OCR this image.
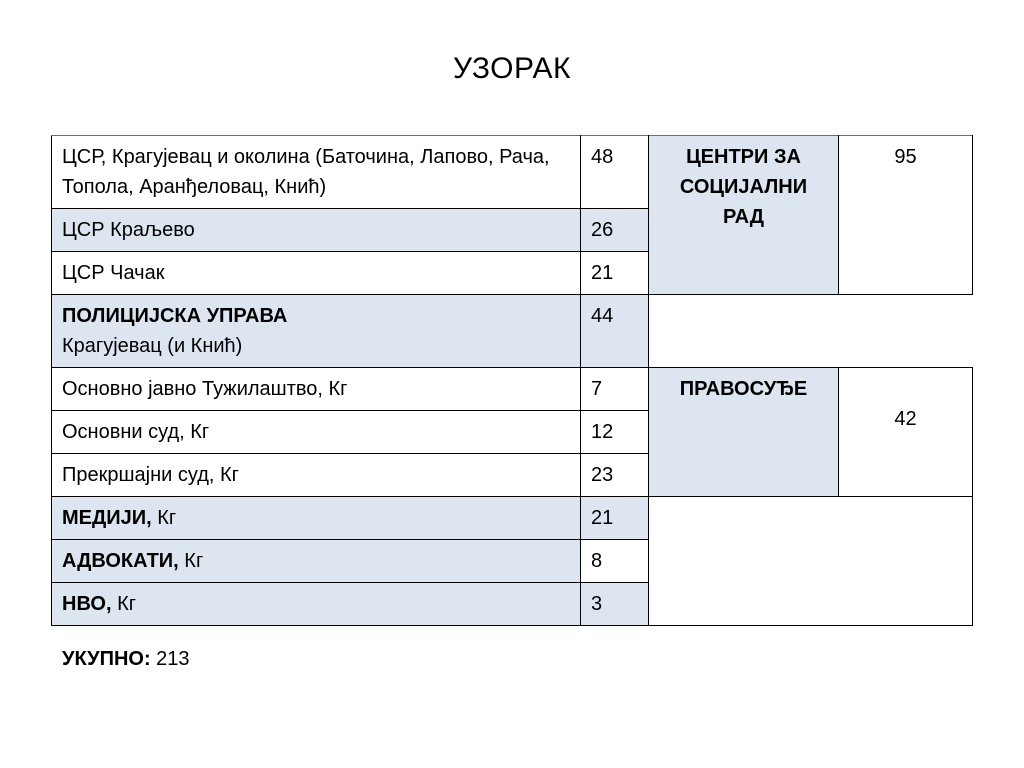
УЗОРАК
ЦСР, Крагујевац и околина (Баточина, Лапово, Рача, Топола, Аранђеловац, Кнић)	48	ЦЕНТРИ ЗА СОЦИЈАЛНИ РАД	95
ЦСР Краљево	26		
ЦСР Чачак	21		
ПОЛИЦИЈСКА УПРАВА
Крагујевац (и Кнић)	44		
Основно јавно Тужилаштво, Кг	7	ПРАВОСУЂЕ	42
Основни суд, Кг	12		
Прекршајни суд, Кг	23		
МЕДИЈИ, Кг	21		
АДВОКАТИ, Кг	8		
НВО, Кг	3		
УКУПНО: 213
